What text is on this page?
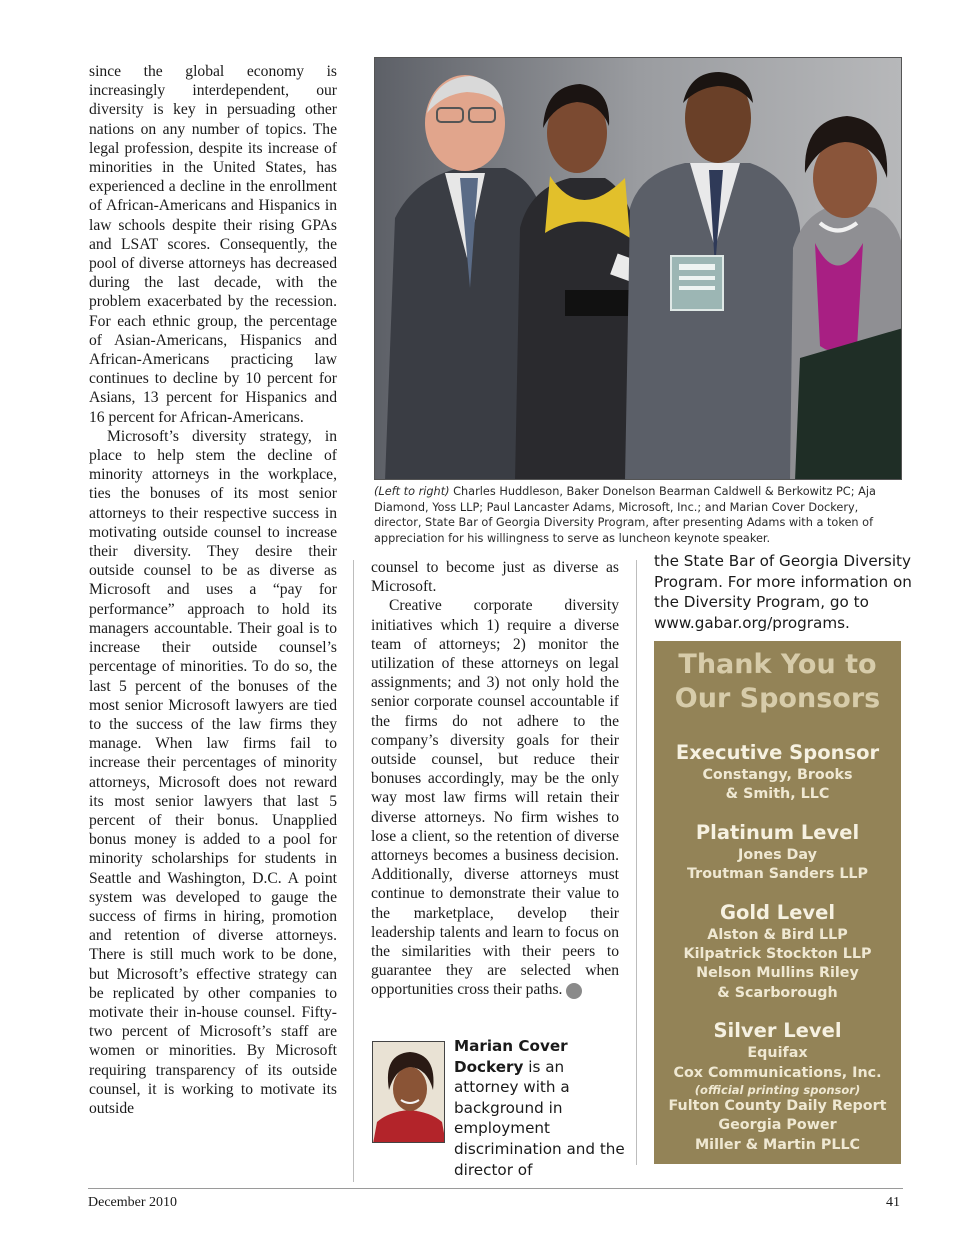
since the global economy is increasingly interdependent, our diversity is key in persuading other nations on any number of topics. The legal profession, despite its increase of minorities in the United States, has experienced a decline in the enrollment of African-Americans and Hispanics in law schools despite their rising GPAs and LSAT scores. Consequently, the pool of diverse attorneys has decreased during the last decade, with the problem exacerbated by the recession. For each ethnic group, the percentage of Asian-Americans, Hispanics and African-Americans practicing law continues to decline by 10 percent for Asians, 13 percent for Hispanics and 16 percent for African-Americans.

Microsoft’s diversity strategy, in place to help stem the decline of minority attorneys in the workplace, ties the bonuses of its most senior attorneys to their respective success in motivating outside counsel to increase their diversity. They desire their outside counsel to be as diverse as Microsoft and uses a “pay for performance” approach to hold its managers accountable. Their goal is to increase their outside counsel’s percentage of minorities. To do so, the last 5 percent of the bonuses of the most senior Microsoft lawyers are tied to the success of the law firms they manage. When law firms fail to increase their percentages of minority attorneys, Microsoft does not reward its most senior lawyers that last 5 percent of their bonus. Unapplied bonus money is added to a pool for minority scholarships for students in Seattle and Washington, D.C. A point system was developed to gauge the success of firms in hiring, promotion and retention of diverse attorneys. There is still much work to be done, but Microsoft’s effective strategy can be replicated by other companies to motivate their in-house counsel. Fifty-two percent of Microsoft’s staff are women or minorities. By Microsoft requiring transparency of its outside counsel, it is working to motivate its outside

(Left to right) Charles Huddleson, Baker Donelson Bearman Caldwell & Berkowitz PC; Aja Diamond, Yoss LLP; Paul Lancaster Adams, Microsoft, Inc.; and Marian Cover Dockery, director, State Bar of Georgia Diversity Program, after presenting Adams with a token of appreciation for his willingness to serve as luncheon keynote speaker.

counsel to become just as diverse as Microsoft.

Creative corporate diversity initiatives which 1) require a diverse team of attorneys; 2) monitor the utilization of these attorneys on legal assignments; and 3) not only hold the senior corporate counsel accountable if the firms do not adhere to the company’s diversity goals for their outside counsel, but reduce their bonuses accordingly, may be the only way most law firms will retain their diverse attorneys. No firm wishes to lose a client, so the retention of diverse attorneys becomes a business decision. Additionally, diverse attorneys must continue to demonstrate their value to the marketplace, develop their leadership talents and learn to focus on the similarities with their peers to guarantee they are selected when opportunities cross their paths.	GBJ

Marian Cover Dockery is an attorney with a background in employment discrimination and the director of
the State Bar of Georgia Diversity Program. For more information on the Diversity Program, go to www.gabar.org/programs.
Thank You to
Our Sponsors
Executive Sponsor
Constangy, Brooks
& Smith, LLC
Platinum Level
Jones Day
Troutman Sanders LLP
Gold Level
Alston & Bird LLP
Kilpatrick Stockton LLP
Nelson Mullins Riley
& Scarborough
Silver Level
Equifax
Cox Communications, Inc.
(official printing sponsor)
Fulton County Daily Report
Georgia Power
Miller & Martin PLLC
December 2010	41
